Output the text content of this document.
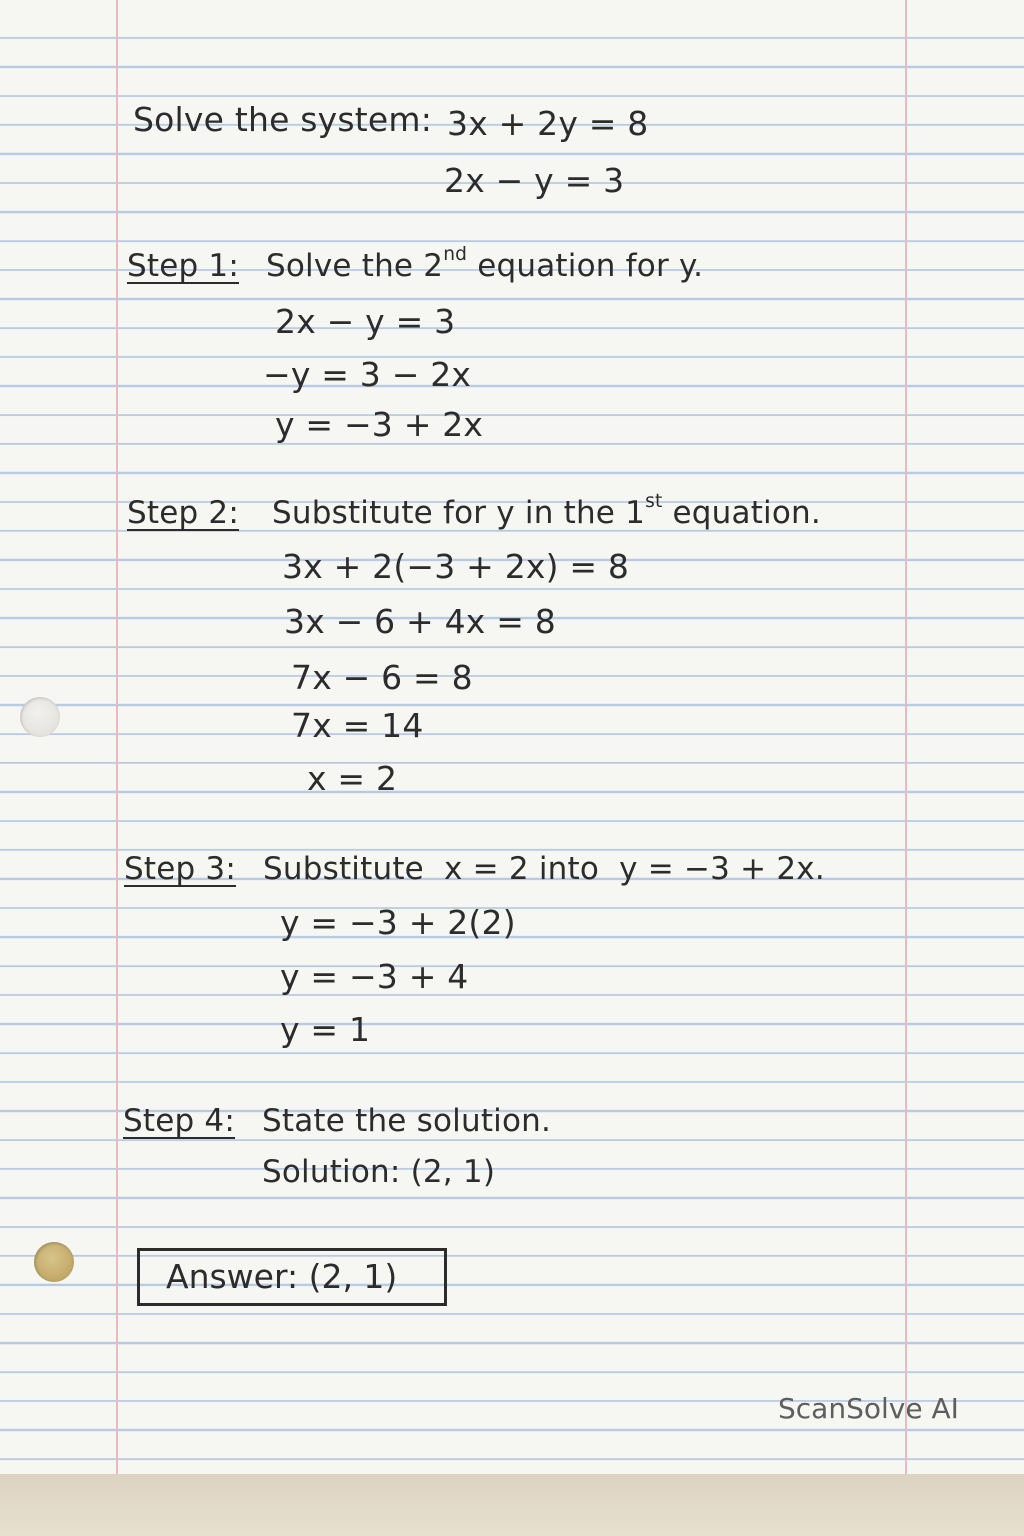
Solve the system: 3x + 2y = 8
2x − y = 3
Step 1: Solve the 2nd equation for y.
2x − y = 3
−y = 3 − 2x
y = −3 + 2x
Step 2: Substitute for y in the 1st equation.
3x + 2(−3 + 2x) = 8
3x − 6 + 4x = 8
7x − 6 = 8
7x = 14
x = 2
Step 3: Substitute  x = 2 into  y = −3 + 2x.
y = −3 + 2(2)
y = −3 + 4
y = 1
Step 4: State the solution.
Solution: (2, 1)
Answer: (2, 1)
ScanSolve AI
